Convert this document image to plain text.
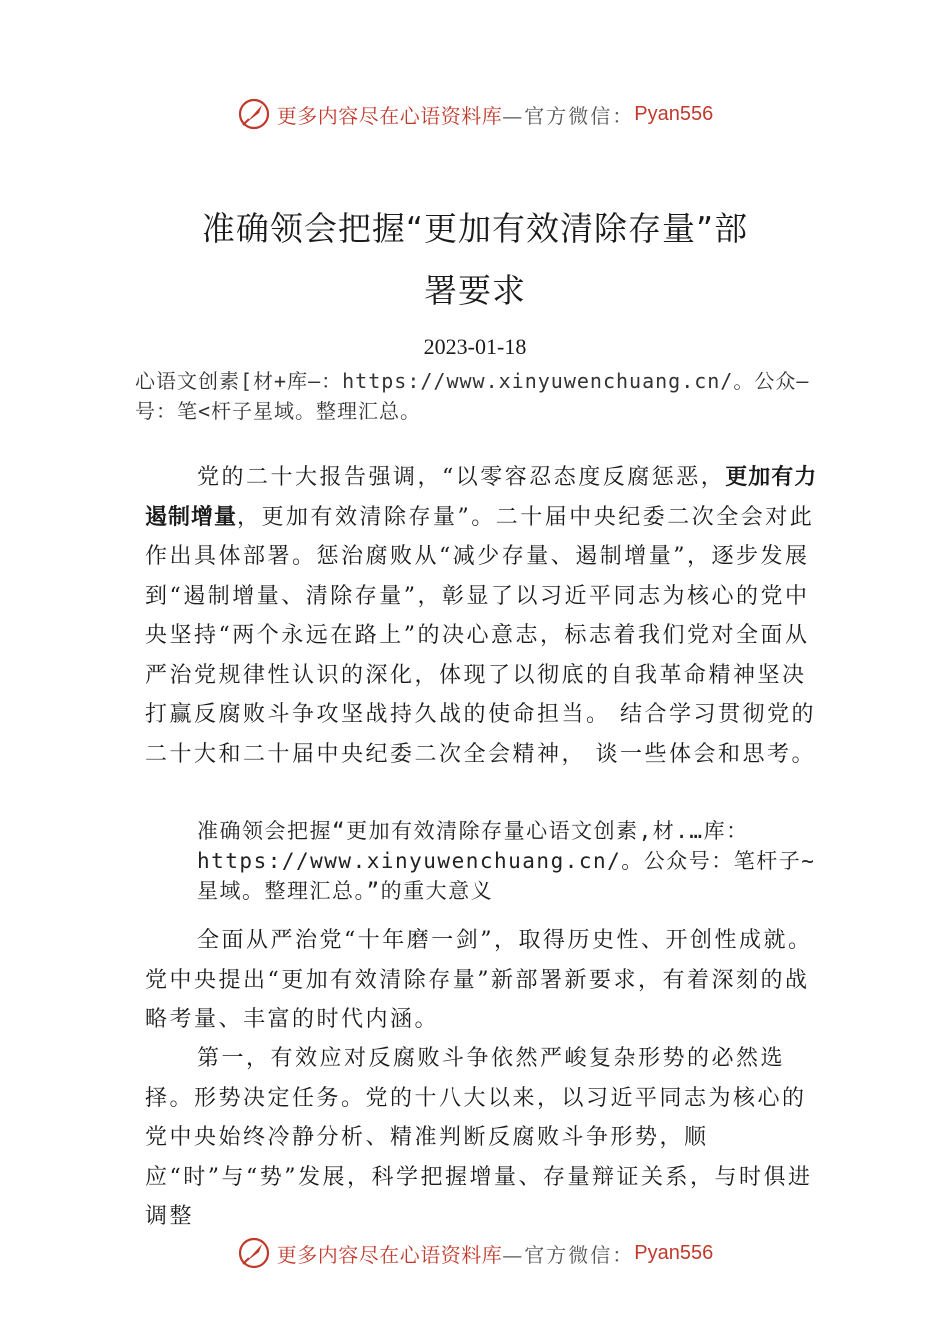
更多内容尽在心语资料库 —官方微信： Pyan556
准确领会把握“更加有效清除存量”部
署要求
2023-01-18
心语文创素[材+库—：https://www.xinyuwenchuang.cn/。公众—号：笔<杆子星域。整理汇总。

党的二十大报告强调，“以零容忍态度反腐惩恶，更加有力遏制增量，更加有效清除存量”。二十届中央纪委二次全会对此作出具体部署。惩治腐败从“减少存量、遏制增量”，逐步发展到“遏制增量、清除存量”，彰显了以习近平同志为核心的党中央坚持“两个永远在路上”的决心意志，标志着我们党对全面从严治党规律性认识的深化，体现了以彻底的自我革命精神坚决打赢反腐败斗争攻坚战持久战的使命担当。 结合学习贯彻党的二十大和二十届中央纪委二次全会精神， 谈一些体会和思考。

准确领会把握“更加有效清除存量心语文创素,材.…库：https://www.xinyuwenchuang.cn/。公众号：笔杆子~星域。整理汇总。”的重大意义

全面从严治党“十年磨一剑”，取得历史性、开创性成就。党中央提出“更加有效清除存量”新部署新要求，有着深刻的战略考量、丰富的时代内涵。

第一，有效应对反腐败斗争依然严峻复杂形势的必然选择。形势决定任务。党的十八大以来，以习近平同志为核心的党中央始终冷静分析、精准判断反腐败斗争形势，顺应“时”与“势”发展，科学把握增量、存量辩证关系，与时俱进调整

更多内容尽在心语资料库 —官方微信： Pyan556
